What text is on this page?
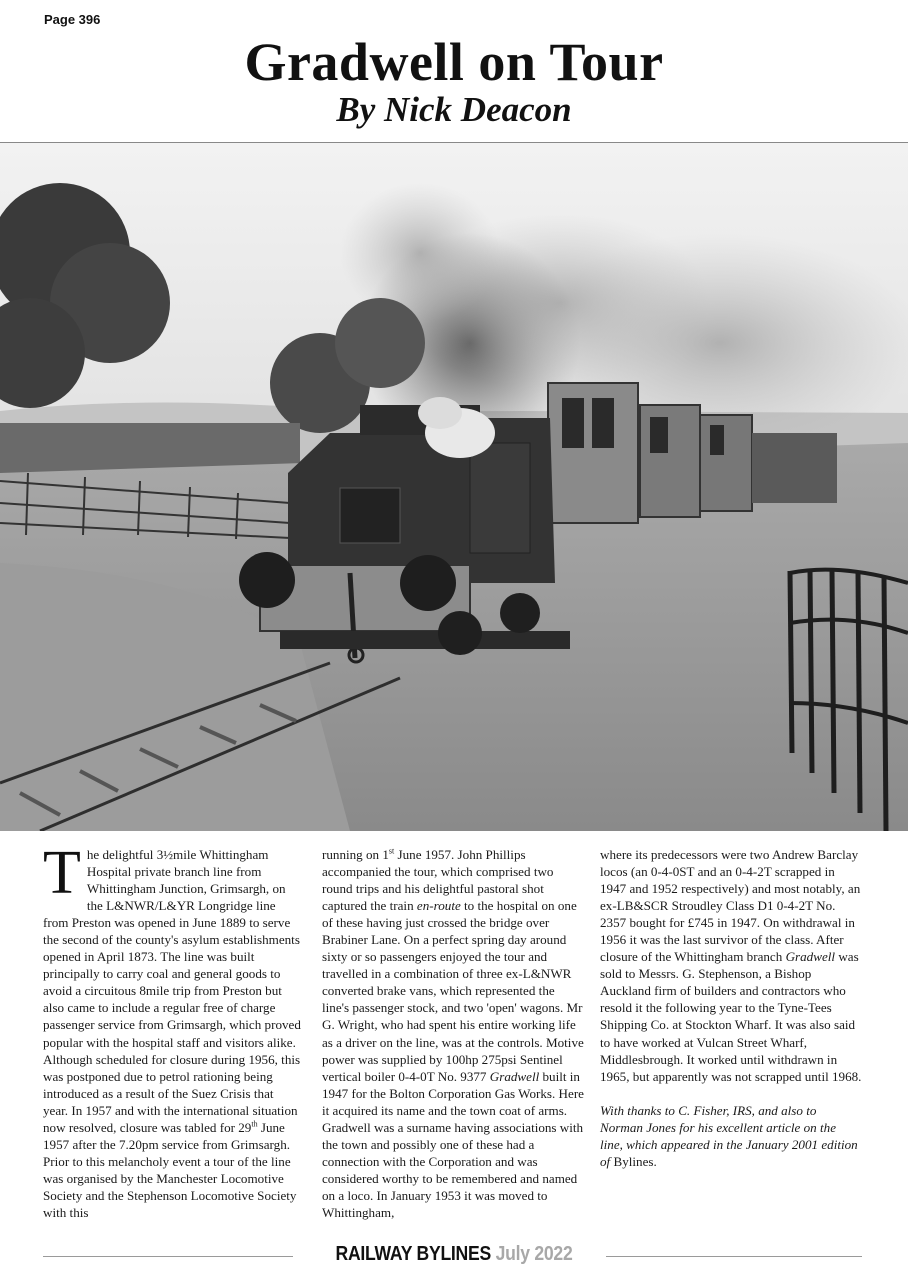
Page 396
Gradwell on Tour
By Nick Deacon

The delightful 3½mile Whittingham Hospital private branch line from Whittingham Junction, Grimsargh, on the L&NWR/L&YR Longridge line from Preston was opened in June 1889 to serve the second of the county's asylum establishments opened in April 1873. The line was built principally to carry coal and general goods to avoid a circuitous 8mile trip from Preston but also came to include a regular free of charge passenger service from Grimsargh, which proved popular with the hospital staff and visitors alike. Although scheduled for closure during 1956, this was postponed due to petrol rationing being introduced as a result of the Suez Crisis that year. In 1957 and with the international situation now resolved, closure was tabled for 29th June 1957 after the 7.20pm service from Grimsargh. Prior to this melancholy event a tour of the line was organised by the Manchester Locomotive Society and the Stephenson Locomotive Society with this

running on 1st June 1957. John Phillips accompanied the tour, which comprised two round trips and his delightful pastoral shot captured the train en-route to the hospital on one of these having just crossed the bridge over Brabiner Lane. On a perfect spring day around sixty or so passengers enjoyed the tour and travelled in a combination of three ex-L&NWR converted brake vans, which represented the line's passenger stock, and two 'open' wagons. Mr G. Wright, who had spent his entire working life as a driver on the line, was at the controls. Motive power was supplied by 100hp 275psi Sentinel vertical boiler 0-4-0T No. 9377 Gradwell built in 1947 for the Bolton Corporation Gas Works. Here it acquired its name and the town coat of arms. Gradwell was a surname having associations with the town and possibly one of these had a connection with the Corporation and was considered worthy to be remembered and named on a loco. In January 1953 it was moved to Whittingham,

where its predecessors were two Andrew Barclay locos (an 0-4-0ST and an 0-4-2T scrapped in 1947 and 1952 respectively) and most notably, an ex-LB&SCR Stroudley Class D1 0-4-2T No. 2357 bought for £745 in 1947. On withdrawal in 1956 it was the last survivor of the class. After closure of the Whittingham branch Gradwell was sold to Messrs. G. Stephenson, a Bishop Auckland firm of builders and contractors who resold it the following year to the Tyne-Tees Shipping Co. at Stockton Wharf. It was also said to have worked at Vulcan Street Wharf, Middlesbrough. It worked until withdrawn in 1965, but apparently was not scrapped until 1968.

With thanks to C. Fisher, IRS, and also to Norman Jones for his excellent article on the line, which appeared in the January 2001 edition of Bylines.

RAILWAY BYLINES July 2022
